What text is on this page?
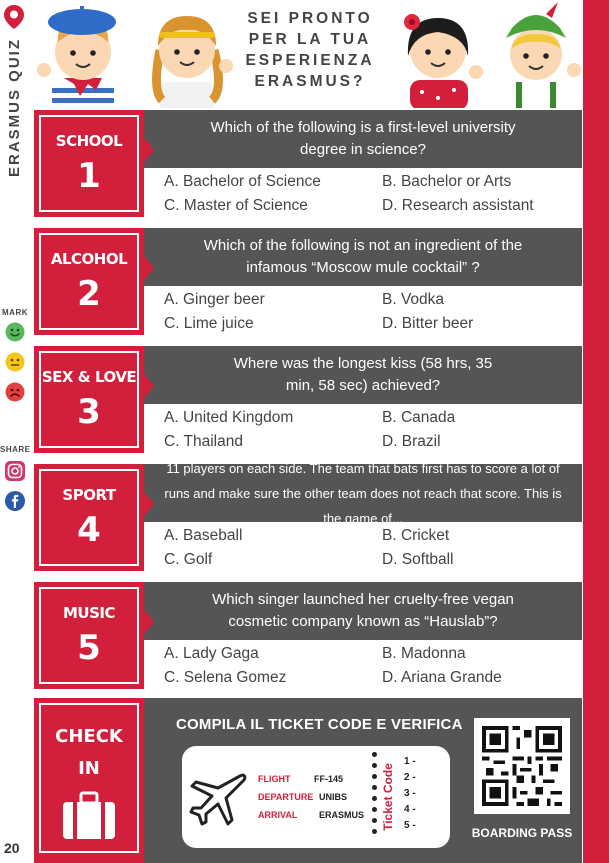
ERASMUS QUIZ
MARK
SHARE
20
SEI PRONTO
PER LA TUA
ESPERIENZA
ERASMUS?
SCHOOL
1
Which of the following is a first-level university degree in science?
A. Bachelor of Science	B. Bachelor or Arts
C. Master of Science	D. Research assistant
ALCOHOL
2
Which of the following is not an ingredient of the infamous “Moscow mule cocktail” ?
A. Ginger beer	B. Vodka
C. Lime juice	D. Bitter beer
SEX & LOVE
3
Where was the longest kiss (58 hrs, 35 min, 58 sec) achieved?
A. United Kingdom	B. Canada
C. Thailand	D. Brazil
SPORT
4
11 players on each side. The team that bats first has to score a lot of runs and make sure the other team does not reach that score. This is the game of...
A. Baseball	B. Cricket
C. Golf	D. Softball
MUSIC
5
Which singer launched her cruelty-free vegan cosmetic company known as “Hauslab”?
A. Lady Gaga	B. Madonna
C. Selena Gomez	D. Ariana Grande
CHECK
IN
COMPILA IL TICKET CODE E VERIFICA
FLIGHT	FF-145
DEPARTURE UNIBS
ARRIVAL ERASMUS Ticket Code
1 -
2 -
3 -
4 -
5 -
BOARDING PASS
